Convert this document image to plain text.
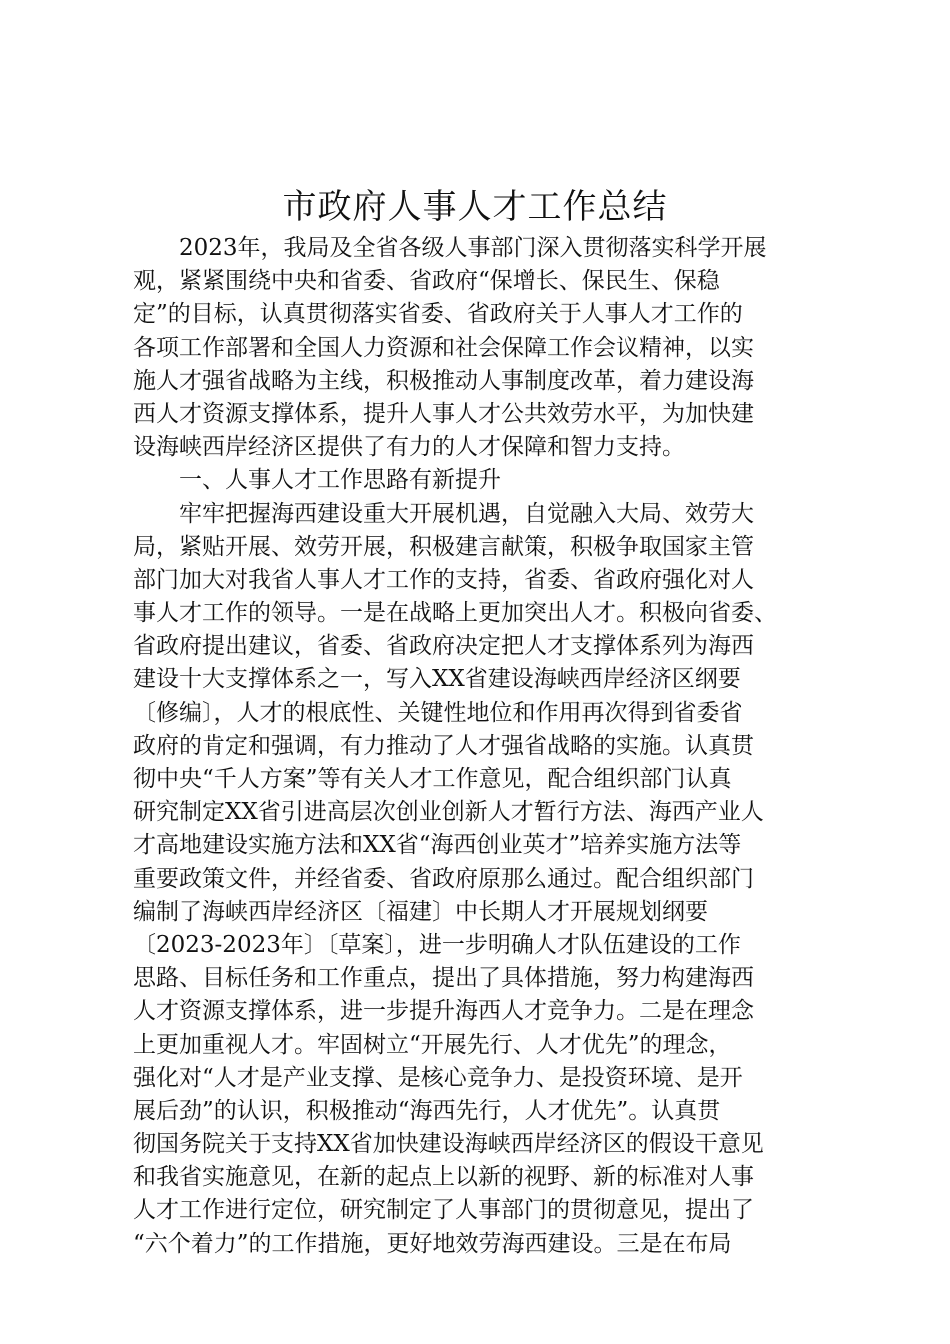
市政府人事人才工作总结
2023年，我局及全省各级人事部门深入贯彻落实科学开展
观，紧紧围绕中央和省委、省政府“保增长、保民生、保稳
定”的目标，认真贯彻落实省委、省政府关于人事人才工作的
各项工作部署和全国人力资源和社会保障工作会议精神，以实
施人才强省战略为主线，积极推动人事制度改革，着力建设海
西人才资源支撑体系，提升人事人才公共效劳水平，为加快建
设海峡西岸经济区提供了有力的人才保障和智力支持。
一、人事人才工作思路有新提升
牢牢把握海西建设重大开展机遇，自觉融入大局、效劳大
局，紧贴开展、效劳开展，积极建言献策，积极争取国家主管
部门加大对我省人事人才工作的支持，省委、省政府强化对人
事人才工作的领导。一是在战略上更加突出人才。积极向省委、
省政府提出建议，省委、省政府决定把人才支撑体系列为海西
建设十大支撑体系之一，写入XX省建设海峡西岸经济区纲要
〔修编〕，人才的根底性、关键性地位和作用再次得到省委省
政府的肯定和强调，有力推动了人才强省战略的实施。认真贯
彻中央“千人方案”等有关人才工作意见，配合组织部门认真
研究制定XX省引进高层次创业创新人才暂行方法、海西产业人
才高地建设实施方法和XX省“海西创业英才”培养实施方法等
重要政策文件，并经省委、省政府原那么通过。配合组织部门
编制了海峡西岸经济区〔福建〕中长期人才开展规划纲要
〔2023-2023年〕〔草案〕，进一步明确人才队伍建设的工作
思路、目标任务和工作重点，提出了具体措施，努力构建海西
人才资源支撑体系，进一步提升海西人才竞争力。二是在理念
上更加重视人才。牢固树立“开展先行、人才优先”的理念，
强化对“人才是产业支撑、是核心竞争力、是投资环境、是开
展后劲”的认识，积极推动“海西先行，人才优先”。认真贯
彻国务院关于支持XX省加快建设海峡西岸经济区的假设干意见
和我省实施意见，在新的起点上以新的视野、新的标准对人事
人才工作进行定位，研究制定了人事部门的贯彻意见，提出了
“六个着力”的工作措施，更好地效劳海西建设。三是在布局
